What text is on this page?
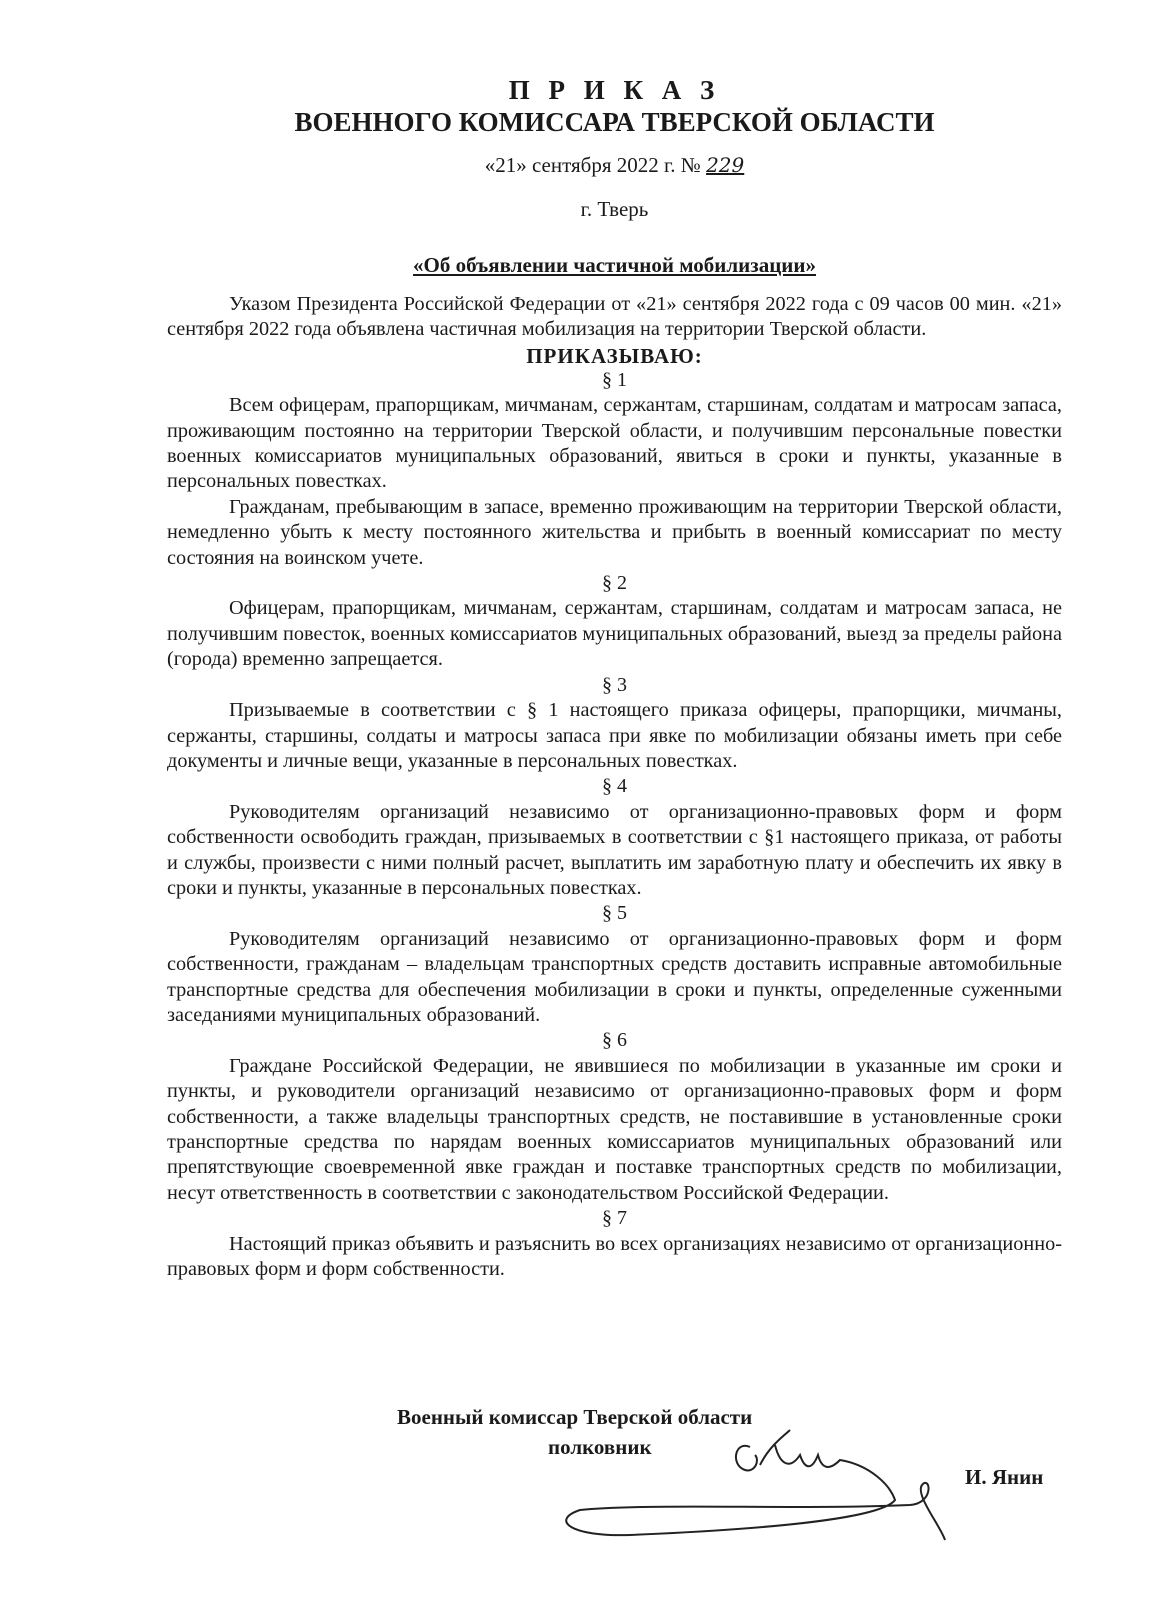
П Р И К А З
ВОЕННОГО КОМИССАРА ТВЕРСКОЙ ОБЛАСТИ
«21» сентября 2022 г. № 229
г. Тверь
«Об объявлении частичной мобилизации»

Указом Президента Российской Федерации от «21» сентября 2022 года с 09 часов 00 мин. «21» сентября 2022 года объявлена частичная мобилизация на территории Тверской области.

ПРИКАЗЫВАЮ:
§ 1

Всем офицерам, прапорщикам, мичманам, сержантам, старшинам, солдатам и матросам запаса, проживающим постоянно на территории Тверской области, и получившим персональные повестки военных комиссариатов муниципальных образований, явиться в сроки и пункты, указанные в персональных повестках.

Гражданам, пребывающим в запасе, временно проживающим на территории Тверской области, немедленно убыть к месту постоянного жительства и прибыть в военный комиссариат по месту состояния на воинском учете.

§ 2

Офицерам, прапорщикам, мичманам, сержантам, старшинам, солдатам и матросам запаса, не получившим повесток, военных комиссариатов муниципальных образований, выезд за пределы района (города) временно запрещается.

§ 3

Призываемые в соответствии с § 1 настоящего приказа офицеры, прапорщики, мичманы, сержанты, старшины, солдаты и матросы запаса при явке по мобилизации обязаны иметь при себе документы и личные вещи, указанные в персональных повестках.

§ 4

Руководителям организаций независимо от организационно-правовых форм и форм собственности освободить граждан, призываемых в соответствии с §1 настоящего приказа, от работы и службы, произвести с ними полный расчет, выплатить им заработную плату и обеспечить их явку в сроки и пункты, указанные в персональных повестках.

§ 5

Руководителям организаций независимо от организационно-правовых форм и форм собственности, гражданам – владельцам транспортных средств доставить исправные автомобильные транспортные средства для обеспечения мобилизации в сроки и пункты, определенные суженными заседаниями муниципальных образований.

§ 6

Граждане Российской Федерации, не явившиеся по мобилизации в указанные им сроки и пункты, и руководители организаций независимо от организационно-правовых форм и форм собственности, а также владельцы транспортных средств, не поставившие в установленные сроки транспортные средства по нарядам военных комиссариатов муниципальных образований или препятствующие своевременной явке граждан и поставке транспортных средств по мобилизации, несут ответственность в соответствии с законодательством Российской Федерации.

§ 7

Настоящий приказ объявить и разъяснить во всех организациях независимо от организационно-правовых форм и форм собственности.

Военный комиссар Тверской области
полковник
И. Янин
